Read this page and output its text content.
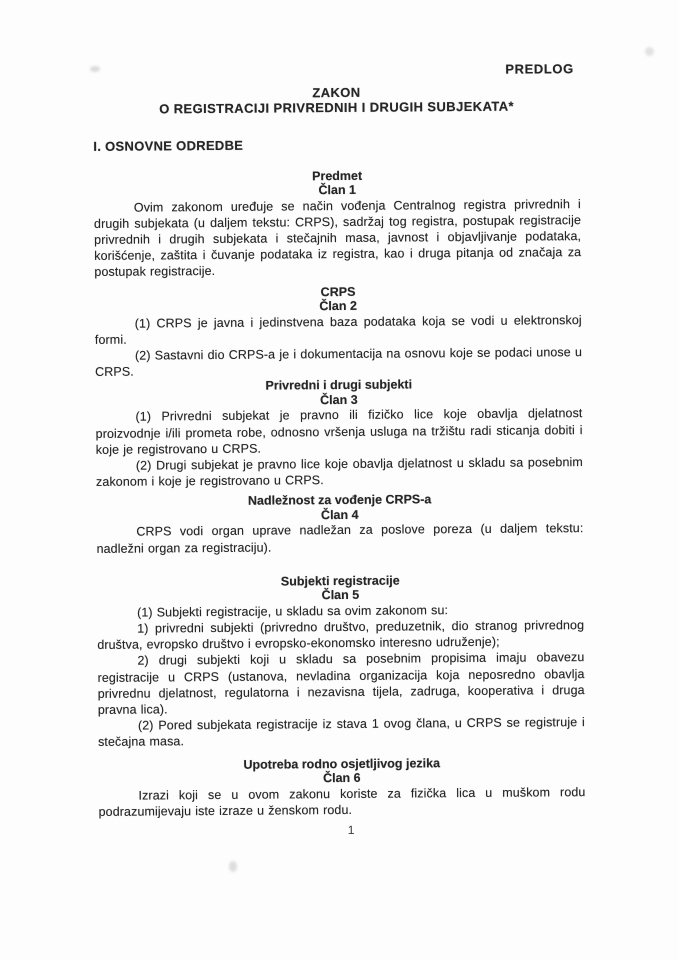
PREDLOG
ZAKON
O REGISTRACIJI PRIVREDNIH I DRUGIH SUBJEKATA*
I. OSNOVNE ODREDBE
Predmet
Član 1

Ovim zakonom uređuje se način vođenja Centralnog registra privrednih i drugih subjekata (u daljem tekstu: CRPS), sadržaj tog registra, postupak registracije privrednih i drugih subjekata i stečajnih masa, javnost i objavljivanje podataka, korišćenje, zaštita i čuvanje podataka iz registra, kao i druga pitanja od značaja za postupak registracije.

CRPS
Član 2

(1) CRPS je javna i jedinstvena baza podataka koja se vodi u elektronskoj formi.

(2) Sastavni dio CRPS-a je i dokumentacija na osnovu koje se podaci unose u CRPS.

Privredni i drugi subjekti
Član 3

(1) Privredni subjekat je pravno ili fizičko lice koje obavlja djelatnost proizvodnje i/ili prometa robe, odnosno vršenja usluga na tržištu radi sticanja dobiti i koje je registrovano u CRPS.

(2) Drugi subjekat je pravno lice koje obavlja djelatnost u skladu sa posebnim zakonom i koje je registrovano u CRPS.

Nadležnost za vođenje CRPS-a
Član 4

CRPS vodi organ uprave nadležan za poslove poreza (u daljem tekstu: nadležni organ za registraciju).

Subjekti registracije
Član 5

(1) Subjekti registracije, u skladu sa ovim zakonom su:

1) privredni subjekti (privredno društvo, preduzetnik, dio stranog privrednog društva, evropsko društvo i evropsko-ekonomsko interesno udruženje);

2) drugi subjekti koji u skladu sa posebnim propisima imaju obavezu registracije u CRPS (ustanova, nevladina organizacija koja neposredno obavlja privrednu djelatnost, regulatorna i nezavisna tijela, zadruga, kooperativa i druga pravna lica).

(2) Pored subjekata registracije iz stava 1 ovog člana, u CRPS se registruje i stečajna masa.

Upotreba rodno osjetljivog jezika
Član 6

Izrazi koji se u ovom zakonu koriste za fizička lica u muškom rodu podrazumijevaju iste izraze u ženskom rodu.

1
